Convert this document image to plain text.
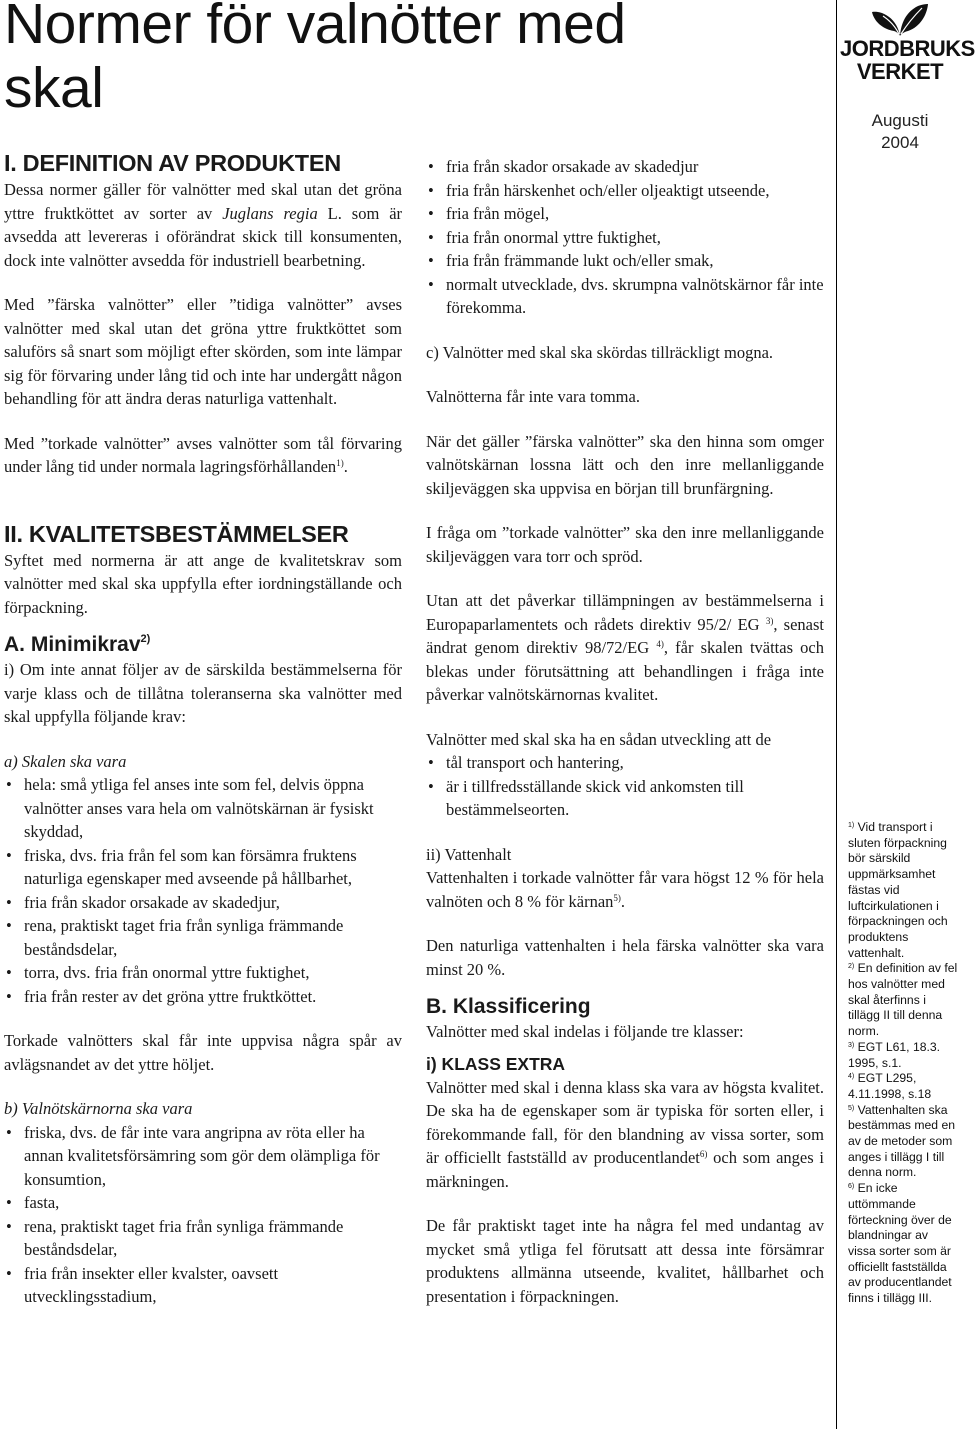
Normer för valnötter med skal

I. DEFINITION AV PRODUKTEN

Dessa normer gäller för valnötter med skal utan det gröna yttre fruktköttet av sorter av Juglans regia L. som är avsedda att levereras i oförändrat skick till konsumenten, dock inte valnötter avsedda för industriell bearbetning.

Med ”färska valnötter” eller ”tidiga valnötter” avses valnötter med skal utan det gröna yttre fruktköttet som saluförs så snart som möjligt efter skörden, som inte lämpar sig för förvaring under lång tid och inte har undergått någon behandling för att ändra deras naturliga vattenhalt.

Med ”torkade valnötter” avses valnötter som tål förvaring under lång tid under normala lagringsförhållanden$^{1)}$.

II. KVALITETSBESTÄMMELSER

Syftet med normerna är att ange de kvalitetskrav som valnötter med skal ska uppfylla efter iordningställande och förpackning.

A. Minimikrav$^{2)}$

i) Om inte annat följer av de särskilda bestämmelserna för varje klass och de tillåtna toleranserna ska valnötter med skal uppfylla följande krav:

a) Skalen ska vara

• hela: små ytliga fel anses inte som fel, delvis öppna valnötter anses vara hela om valnötskärnan är fysiskt skyddad,
• friska, dvs. fria från fel som kan försämra fruktens naturliga egenskaper med avseende på hållbarhet,
• fria från skador orsakade av skadedjur,
• rena, praktiskt taget fria från synliga främmande beståndsdelar,
• torra, dvs. fria från onormal yttre fuktighet,
• fria från rester av det gröna yttre fruktköttet.

Torkade valnötters skal får inte uppvisa några spår av avlägsnandet av det yttre höljet.

b) Valnötskärnorna ska vara

• friska, dvs. de får inte vara angripna av röta eller ha annan kvalitetsförsämring som gör dem olämpliga för konsumtion,
• fasta,
• rena, praktiskt taget fria från synliga främmande beståndsdelar,
• fria från insekter eller kvalster, oavsett utvecklingsstadium,
• fria från skador orsakade av skadedjur
• fria från härskenhet och/eller oljeaktigt utseende,
• fria från mögel,
• fria från onormal yttre fuktighet,
• fria från främmande lukt och/eller smak,
• normalt utvecklade, dvs. skrumpna valnötskärnor får inte förekomma.

c) Valnötter med skal ska skördas tillräckligt mogna.

Valnötterna får inte vara tomma.

När det gäller ”färska valnötter” ska den hinna som omger valnötskärnan lossna lätt och den inre mellanliggande skiljeväggen ska uppvisa en början till brunfärgning.

I fråga om ”torkade valnötter” ska den inre mellanliggande skiljeväggen vara torr och spröd.

Utan att det påverkar tillämpningen av bestämmelserna i Europaparlamentets och rådets direktiv 95/2/ EG $^{3)}$, senast ändrat genom direktiv 98/72/EG $^{4)}$, får skalen tvättas och blekas under förutsättning att behandlingen i fråga inte påverkar valnötskärnornas kvalitet.

Valnötter med skal ska ha en sådan utveckling att de

• tål transport och hantering,
• är i tillfredsställande skick vid ankomsten till bestämmelseorten.

ii) Vattenhalt

Vattenhalten i torkade valnötter får vara högst 12 % för hela valnöten och 8 % för kärnan$^{5)}$.

Den naturliga vattenhalten i hela färska valnötter ska vara minst 20 %.

B. Klassificering

Valnötter med skal indelas i följande tre klasser:

i) KLASS EXTRA

Valnötter med skal i denna klass ska vara av högsta kvalitet. De ska ha de egenskaper som är typiska för sorten eller, i förekommande fall, för den blandning av vissa sorter, som är officiellt fastställd av producentlandet$^{6)}$ och som anges i märkningen.

De får praktiskt taget inte ha några fel med undantag av mycket små ytliga fel förutsatt att dessa inte försämrar produktens allmänna utseende, kvalitet, hållbarhet och presentation i förpackningen.

JORDBRUKS
VERKET
Augusti
2004

$^{1)}$ Vid transport i sluten förpackning bör särskild uppmärksamhet fästas vid luftcirkulationen i förpackningen och produktens vattenhalt.

$^{2)}$ En definition av fel hos valnötter med skal återfinns i tillägg II till denna norm.

$^{3)}$ EGT L61, 18.3. 1995, s.1.

$^{4)}$ EGT L295, 4.11.1998, s.18

$^{5)}$ Vattenhalten ska bestämmas med en av de metoder som anges i tillägg I till denna norm.

$^{6)}$ En icke uttömmande förteckning över de blandningar av vissa sorter som är officiellt fastställda av producentlandet finns i tillägg III.
